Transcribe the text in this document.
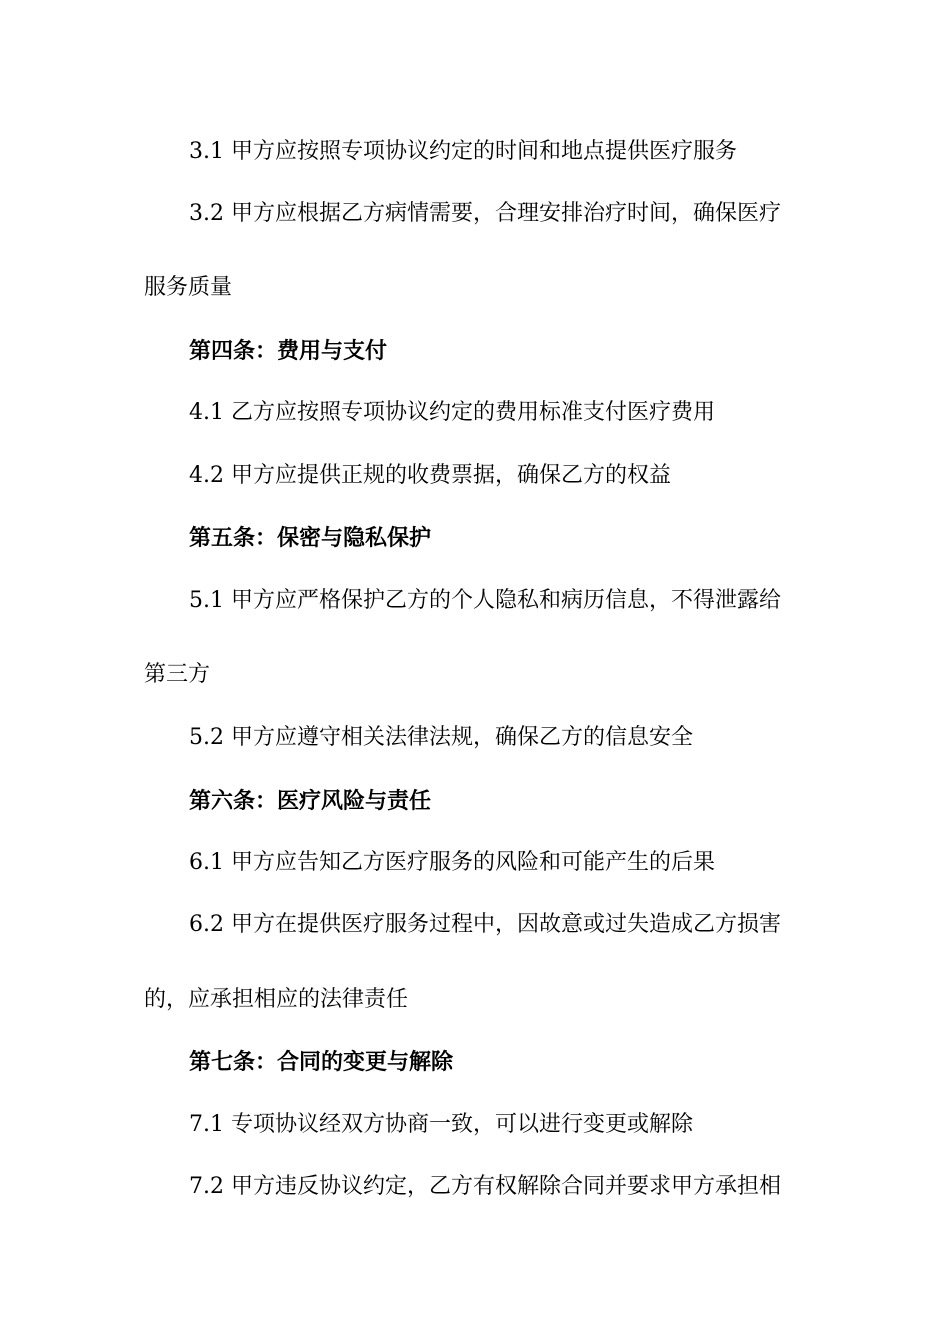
3.1 甲方应按照专项协议约定的时间和地点提供医疗服务
3.2 甲方应根据乙方病情需要，合理安排治疗时间，确保医疗
服务质量
第四条：费用与支付
4.1 乙方应按照专项协议约定的费用标准支付医疗费用
4.2 甲方应提供正规的收费票据，确保乙方的权益
第五条：保密与隐私保护
5.1 甲方应严格保护乙方的个人隐私和病历信息，不得泄露给
第三方
5.2 甲方应遵守相关法律法规，确保乙方的信息安全
第六条：医疗风险与责任
6.1 甲方应告知乙方医疗服务的风险和可能产生的后果
6.2 甲方在提供医疗服务过程中，因故意或过失造成乙方损害
的，应承担相应的法律责任
第七条：合同的变更与解除
7.1 专项协议经双方协商一致，可以进行变更或解除
7.2 甲方违反协议约定，乙方有权解除合同并要求甲方承担相
